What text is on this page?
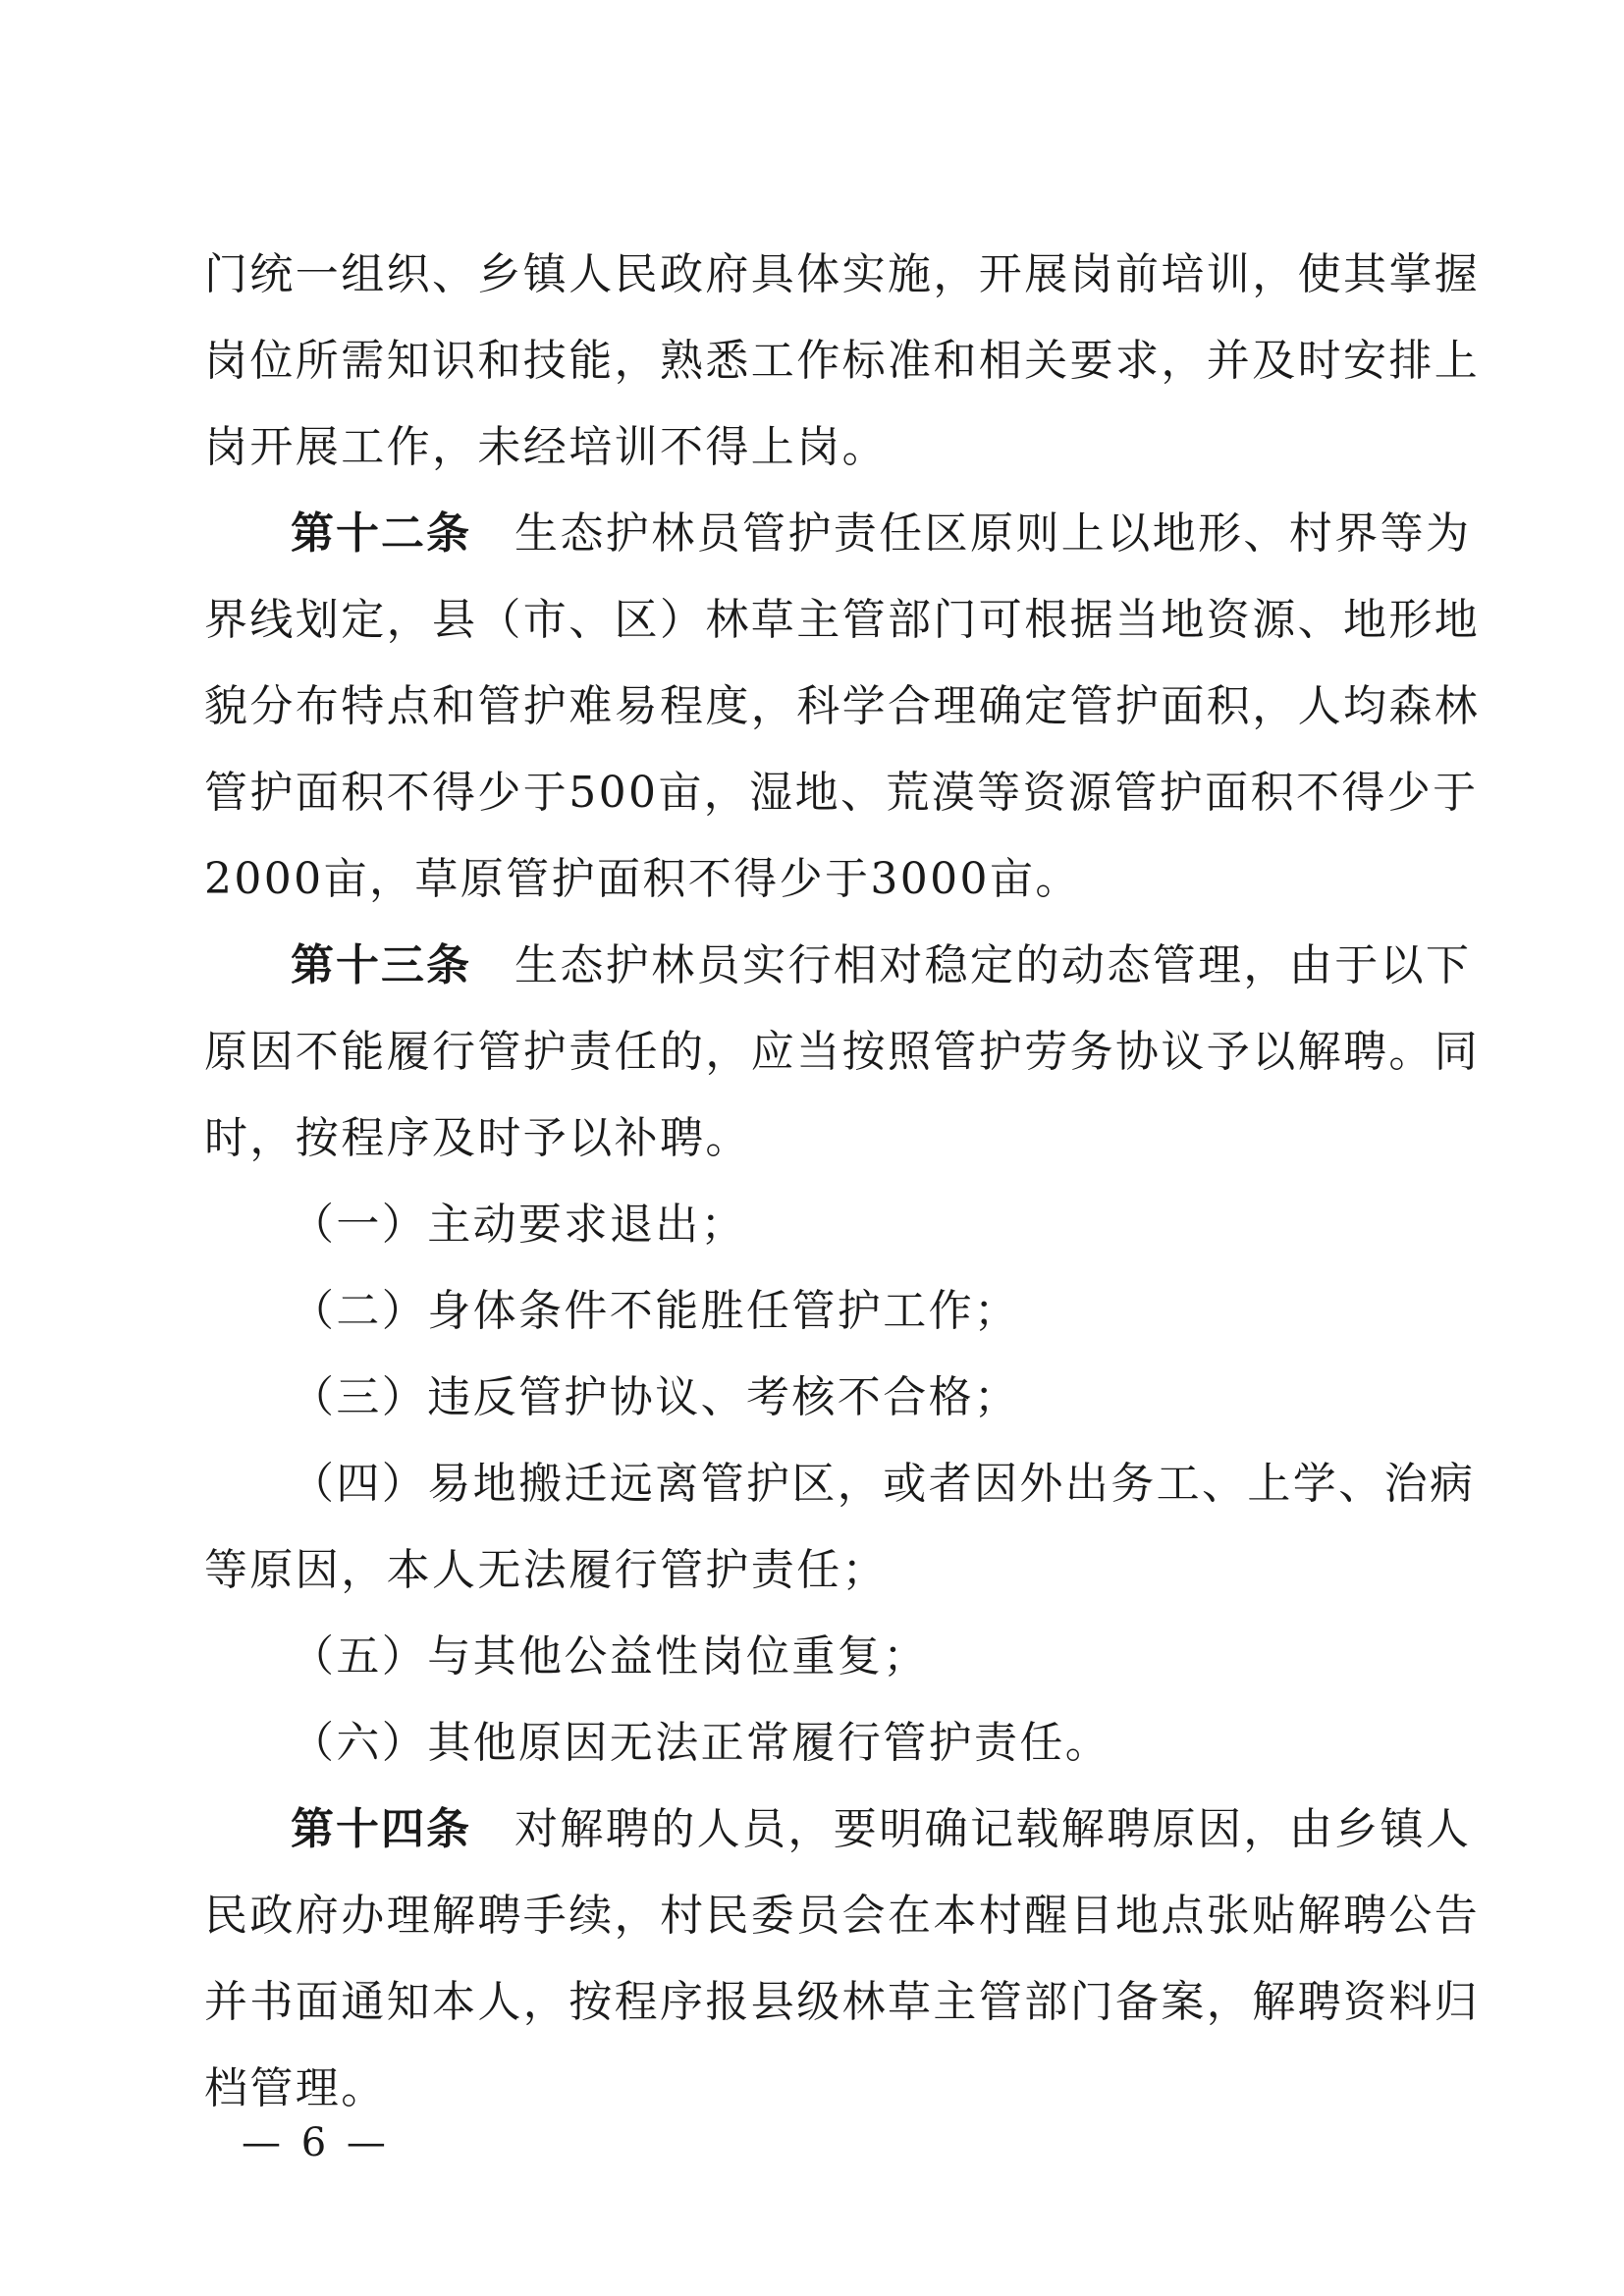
门统一组织、乡镇人民政府具体实施，开展岗前培训，使其掌握
岗位所需知识和技能，熟悉工作标准和相关要求，并及时安排上
岗开展工作，未经培训不得上岗。
第十二条 生态护林员管护责任区原则上以地形、村界等为
界线划定，县（市、区）林草主管部门可根据当地资源、地形地
貌分布特点和管护难易程度，科学合理确定管护面积，人均森林
管护面积不得少于500亩，湿地、荒漠等资源管护面积不得少于
2000亩，草原管护面积不得少于3000亩。
第十三条 生态护林员实行相对稳定的动态管理，由于以下
原因不能履行管护责任的，应当按照管护劳务协议予以解聘。同
时，按程序及时予以补聘。
（一）主动要求退出；
（二）身体条件不能胜任管护工作；
（三）违反管护协议、考核不合格；
（四）易地搬迁远离管护区，或者因外出务工、上学、治病
等原因，本人无法履行管护责任；
（五）与其他公益性岗位重复；
（六）其他原因无法正常履行管护责任。
第十四条 对解聘的人员，要明确记载解聘原因，由乡镇人
民政府办理解聘手续，村民委员会在本村醒目地点张贴解聘公告
并书面通知本人，按程序报县级林草主管部门备案，解聘资料归
档管理。
— 6 —
